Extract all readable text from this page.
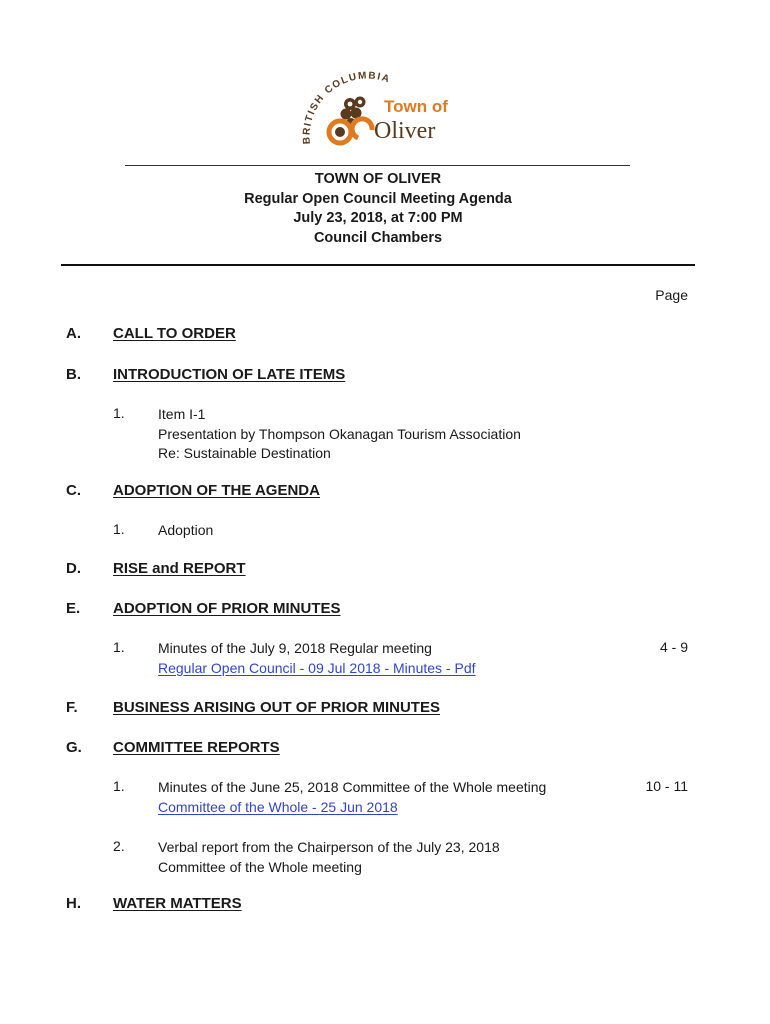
BRITISH COLUMBIA
Town of
Oliver
TOWN OF OLIVER
Regular Open Council Meeting Agenda
July 23, 2018, at 7:00 PM
Council Chambers
Page
A. CALL TO ORDER
B. INTRODUCTION OF LATE ITEMS
1. Item I-1
Presentation by Thompson Okanagan Tourism Association
Re: Sustainable Destination
C. ADOPTION OF THE AGENDA
1. Adoption
D. RISE and REPORT
E. ADOPTION OF PRIOR MINUTES
1. Minutes of the July 9, 2018 Regular meeting
Regular Open Council - 09 Jul 2018 - Minutes - Pdf
4 - 9
F. BUSINESS ARISING OUT OF PRIOR MINUTES
G. COMMITTEE REPORTS
1. Minutes of the June 25, 2018 Committee of the Whole meeting
Committee of the Whole - 25 Jun 2018
10 - 11
2. Verbal report from the Chairperson of the July 23, 2018
Committee of the Whole meeting
H. WATER MATTERS
